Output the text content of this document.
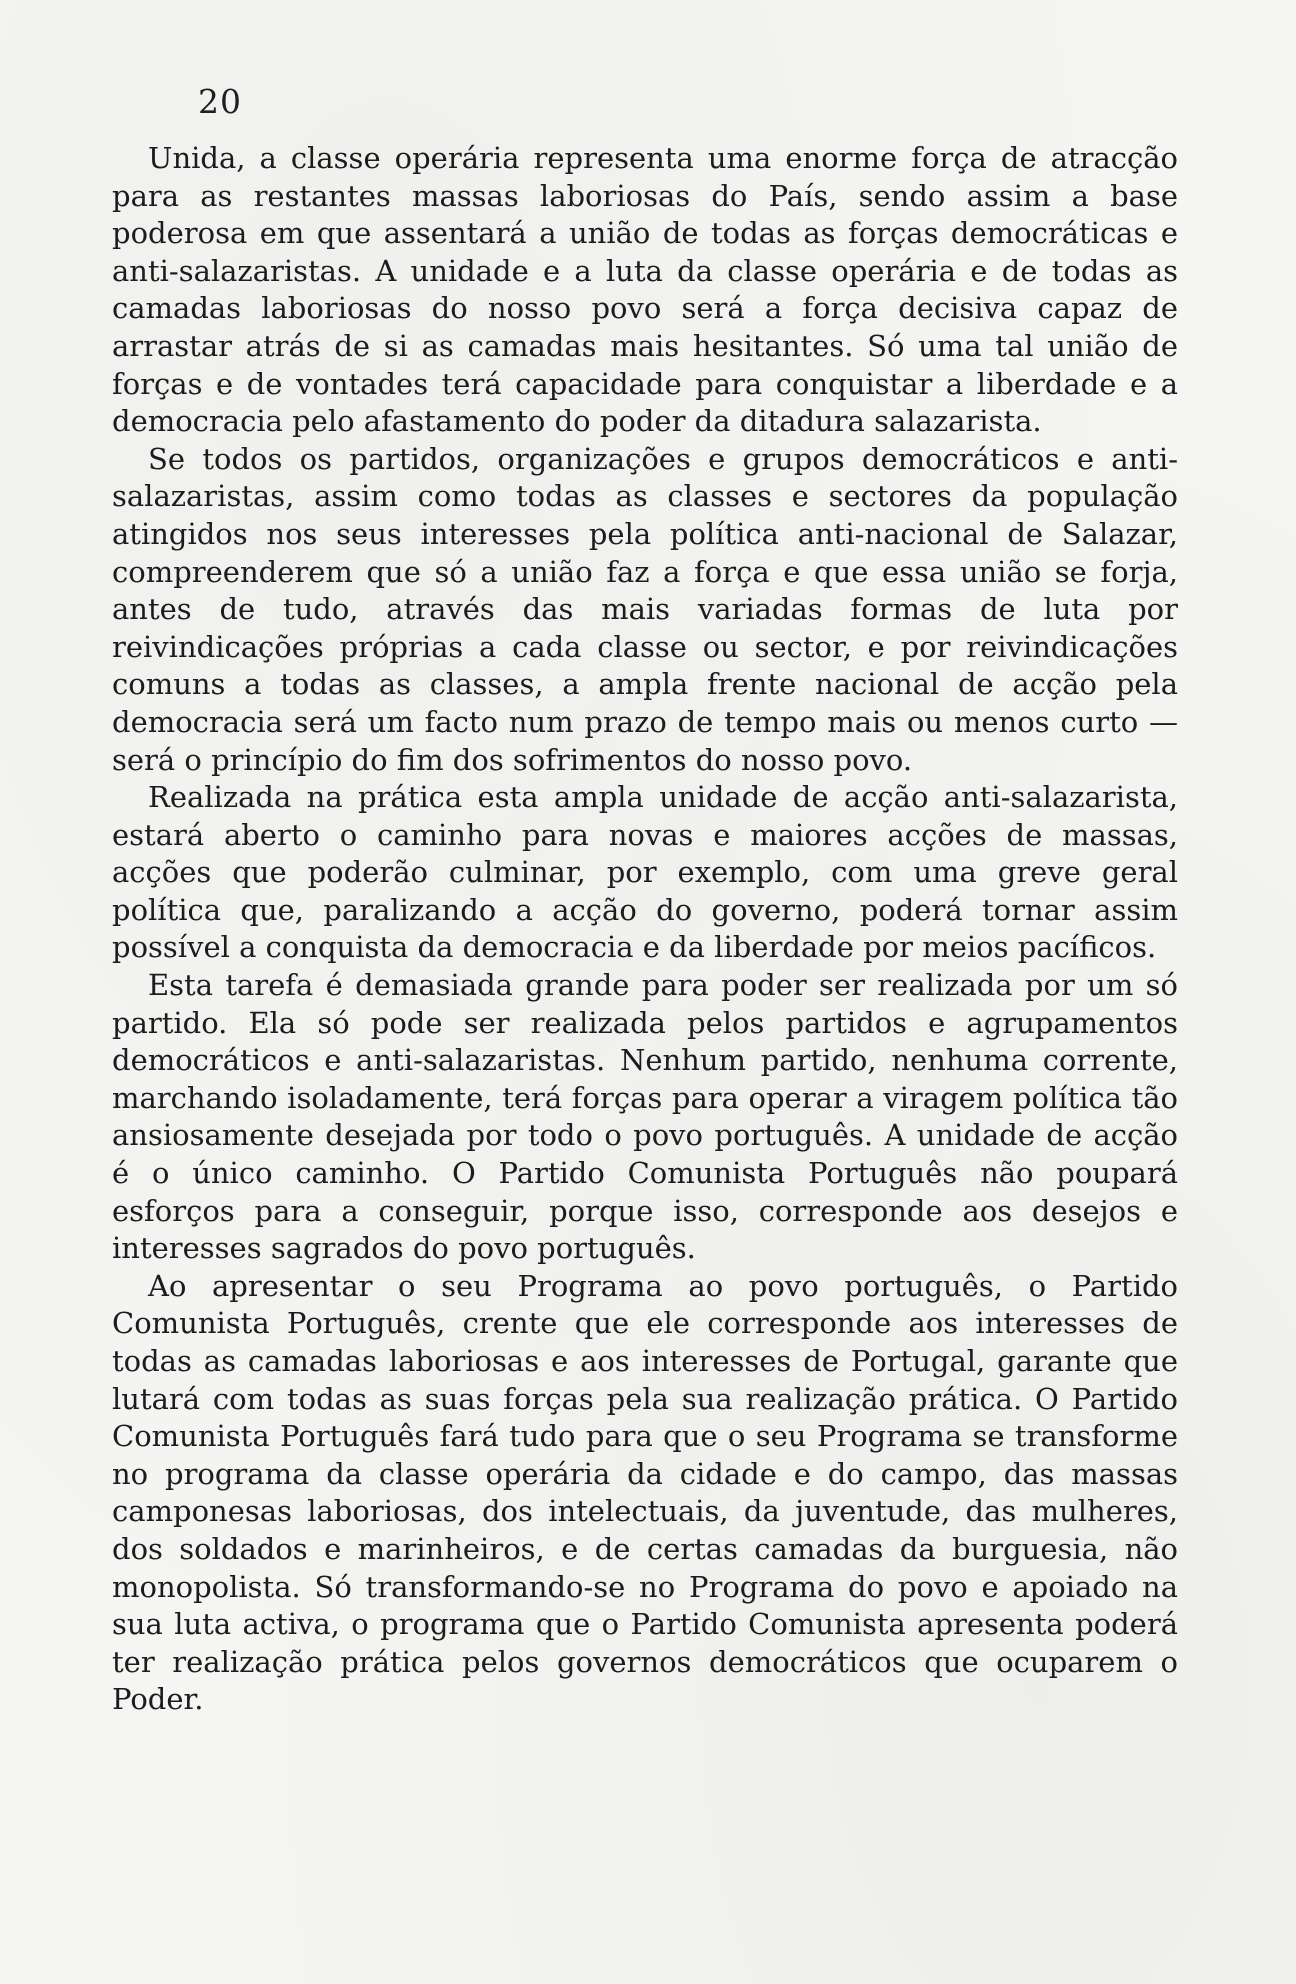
20

Unida, a classe operária representa uma enorme força de atracção para as restantes massas laboriosas do País, sendo assim a base poderosa em que assentará a união de todas as forças democráticas e anti-salazaristas. A unidade e a luta da classe operária e de todas as camadas laboriosas do nosso povo será a força decisiva capaz de arrastar atrás de si as camadas mais hesitantes. Só uma tal união de forças e de vontades terá capacidade para conquistar a liberdade e a democracia pelo afastamento do poder da ditadura salazarista.

Se todos os partidos, organizações e grupos democráticos e anti-salazaristas, assim como todas as classes e sectores da população atingidos nos seus interesses pela política anti-nacional de Salazar, compreenderem que só a união faz a força e que essa união se forja, antes de tudo, através das mais variadas formas de luta por reivindicações próprias a cada classe ou sector, e por reivindicações comuns a todas as classes, a ampla frente nacional de acção pela democracia será um facto num prazo de tempo mais ou menos curto — será o princípio do fim dos sofrimentos do nosso povo.

Realizada na prática esta ampla unidade de acção anti-salazarista, estará aberto o caminho para novas e maiores acções de massas, acções que poderão culminar, por exemplo, com uma greve geral política que, paralizando a acção do governo, poderá tornar assim possível a conquista da democracia e da liberdade por meios pacíficos.

Esta tarefa é demasiada grande para poder ser realizada por um só partido. Ela só pode ser realizada pelos partidos e agrupamentos democráticos e anti-salazaristas. Nenhum partido, nenhuma corrente, marchando isoladamente, terá forças para operar a viragem política tão ansiosamente desejada por todo o povo português. A unidade de acção é o único caminho. O Partido Comunista Português não poupará esforços para a conseguir, porque isso, corresponde aos desejos e interesses sagrados do povo português.

Ao apresentar o seu Programa ao povo português, o Partido Comunista Português, crente que ele corresponde aos interesses de todas as camadas laboriosas e aos interesses de Portugal, garante que lutará com todas as suas forças pela sua realização prática. O Partido Comunista Português fará tudo para que o seu Programa se transforme no programa da classe operária da cidade e do campo, das massas camponesas laboriosas, dos intelectuais, da juventude, das mulheres, dos soldados e marinheiros, e de certas camadas da burguesia, não monopolista. Só transformando-se no Programa do povo e apoiado na sua luta activa, o programa que o Partido Comunista apresenta poderá ter realização prática pelos governos democráticos que ocuparem o Poder.
